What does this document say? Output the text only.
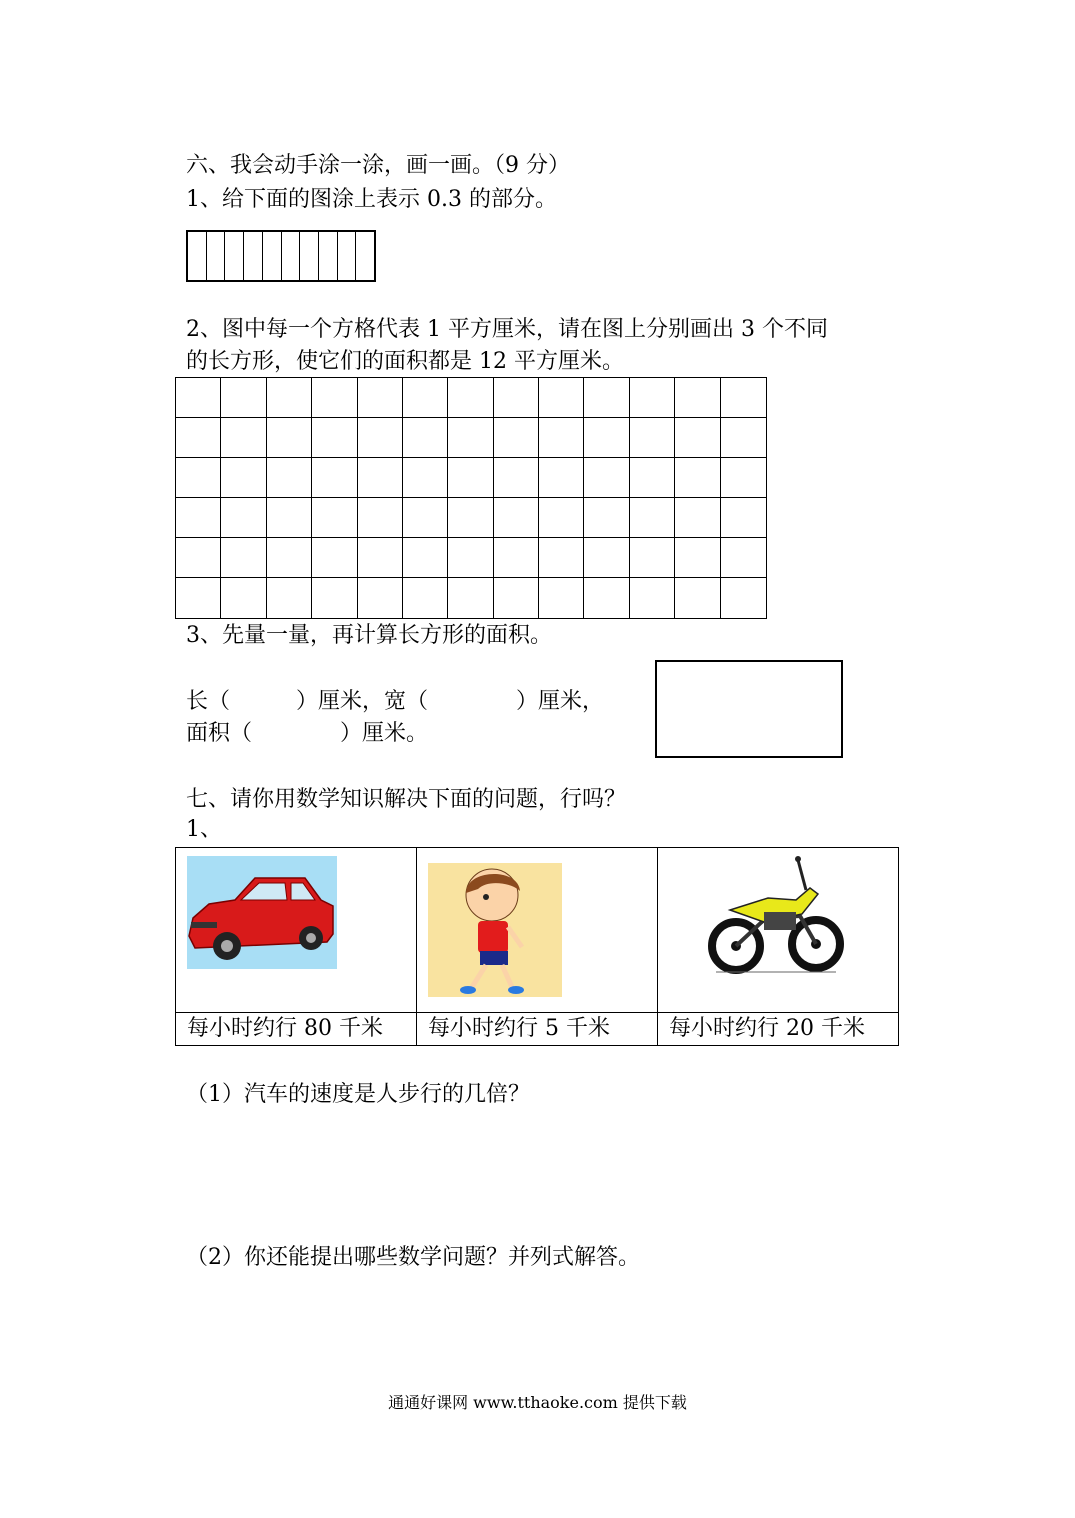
六、我会动手涂一涂，画一画。（9 分）
1、给下面的图涂上表示 0.3 的部分。
2、图中每一个方格代表 1 平方厘米，请在图上分别画出 3 个不同
的长方形，使它们的面积都是 12 平方厘米。
3、先量一量，再计算长方形的面积。
长（　　　）厘米，宽（　　　　）厘米，
面积（　　　　）厘米。
七、请你用数学知识解决下面的问题，行吗？
1、

每小时约行 80 千米	每小时约行 5 千米	每小时约行 20 千米
（1）汽车的速度是人步行的几倍？
（2）你还能提出哪些数学问题？并列式解答。
通通好课网 www.tthaoke.com 提供下载
